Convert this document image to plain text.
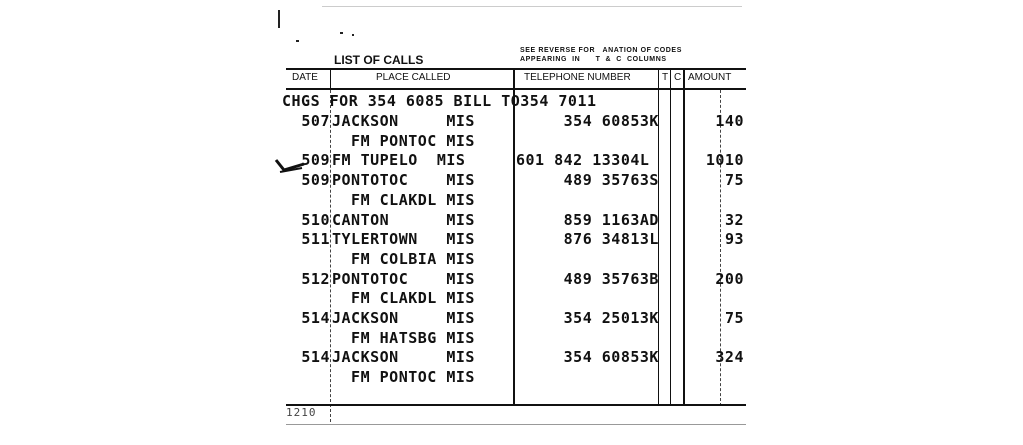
LIST OF CALLS
SEE REVERSE FOR   ANATION OF CODES
APPEARING  IN      T  &  C  COLUMNS
DATE	PLACE CALLED	TELEPHONE NUMBER	T C AMOUNT
CHGS FOR 354 6085 BILL TO354 7011
507 JACKSON     MIS	354 60853K	140
FM PONTOC MIS
509 FM TUPELO  MIS	601 842 13304L	1010
509 PONTOTOC    MIS	489 35763S	75
FM CLAKDL MIS
510 CANTON      MIS	859 1163AD	32
511 TYLERTOWN   MIS	876 34813L	93
FM COLBIA MIS
512 PONTOTOC    MIS	489 35763B	200
FM CLAKDL MIS
514 JACKSON     MIS	354 25013K	75
FM HATSBG MIS
514 JACKSON     MIS	354 60853K	324
FM PONTOC MIS
1210
